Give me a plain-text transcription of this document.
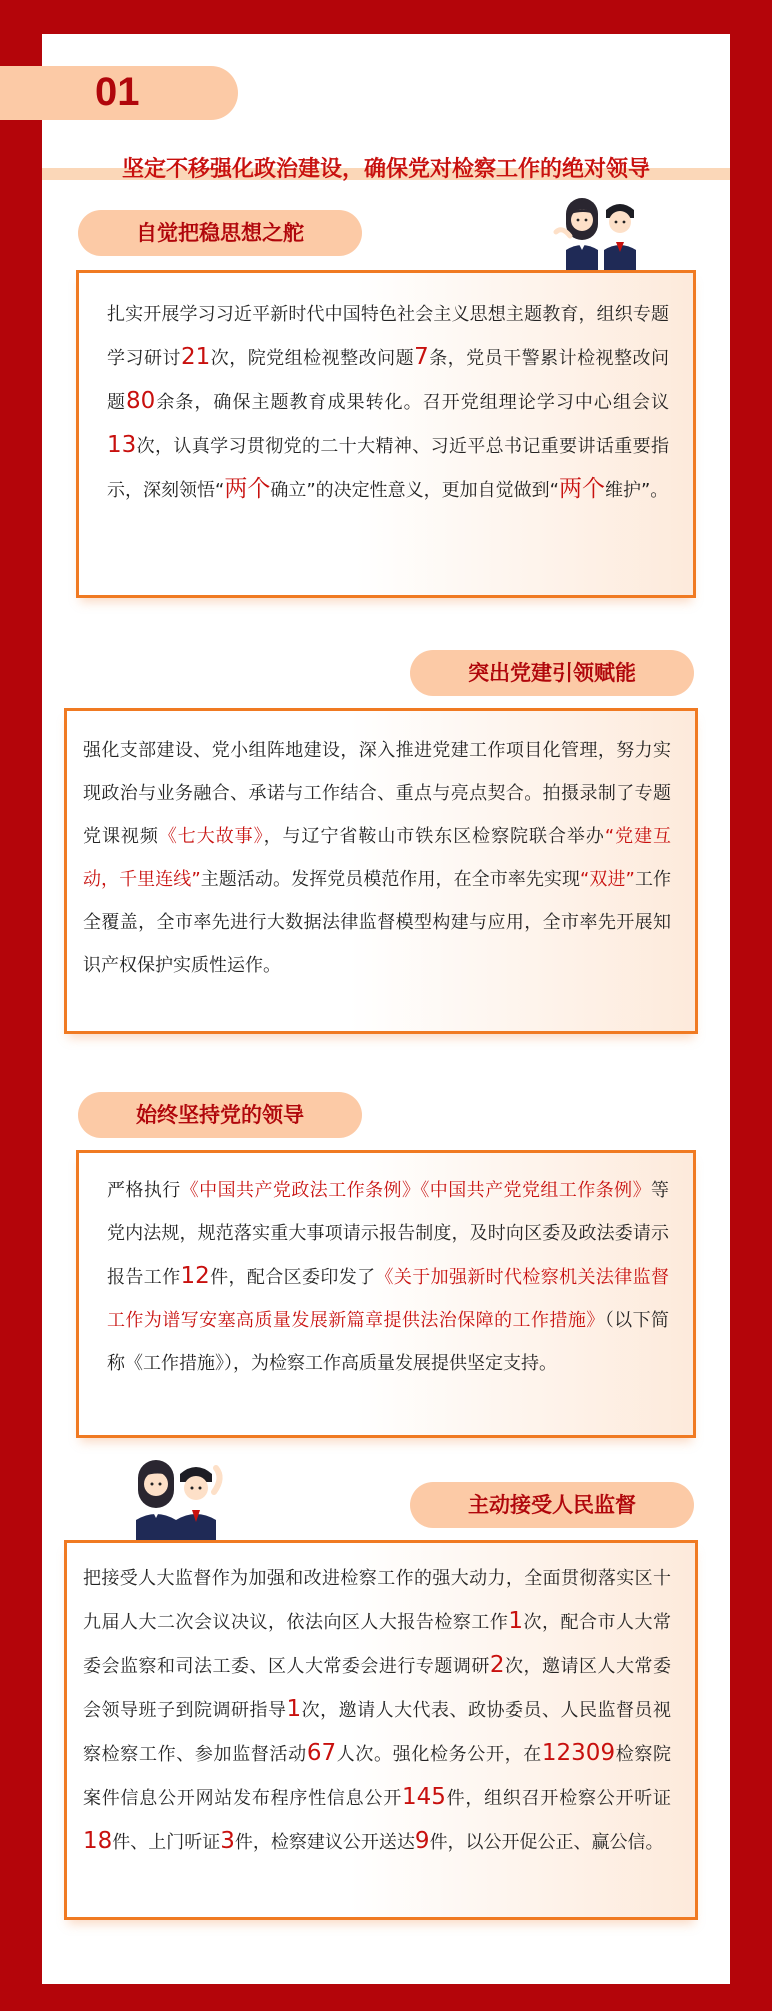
01
坚定不移强化政治建设，确保党对检察工作的绝对领导
自觉把稳思想之舵

扎实开展学习习近平新时代中国特色社会主义思想主题教育，组织专题学习研讨21次，院党组检视整改问题7条，党员干警累计检视整改问题80余条，确保主题教育成果转化。召开党组理论学习中心组会议13次，认真学习贯彻党的二十大精神、习近平总书记重要讲话重要指示，深刻领悟“两个确立”的决定性意义，更加自觉做到“两个维护”。

突出党建引领赋能

强化支部建设、党小组阵地建设，深入推进党建工作项目化管理，努力实现政治与业务融合、承诺与工作结合、重点与亮点契合。拍摄录制了专题党课视频《七大故事》，与辽宁省鞍山市铁东区检察院联合举办“党建互动，千里连线”主题活动。发挥党员模范作用，在全市率先实现“双进”工作全覆盖，全市率先进行大数据法律监督模型构建与应用，全市率先开展知识产权保护实质性运作。

始终坚持党的领导

严格执行《中国共产党政法工作条例》《中国共产党党组工作条例》等党内法规，规范落实重大事项请示报告制度，及时向区委及政法委请示报告工作12件，配合区委印发了《关于加强新时代检察机关法律监督工作为谱写安塞高质量发展新篇章提供法治保障的工作措施》（以下简称《工作措施》），为检察工作高质量发展提供坚定支持。

主动接受人民监督

把接受人大监督作为加强和改进检察工作的强大动力，全面贯彻落实区十九届人大二次会议决议，依法向区人大报告检察工作1次，配合市人大常委会监察和司法工委、区人大常委会进行专题调研2次，邀请区人大常委会领导班子到院调研指导1次，邀请人大代表、政协委员、人民监督员视察检察工作、参加监督活动67人次。强化检务公开，在12309检察院案件信息公开网站发布程序性信息公开145件，组织召开检察公开听证18件、上门听证3件，检察建议公开送达9件，以公开促公正、赢公信。
